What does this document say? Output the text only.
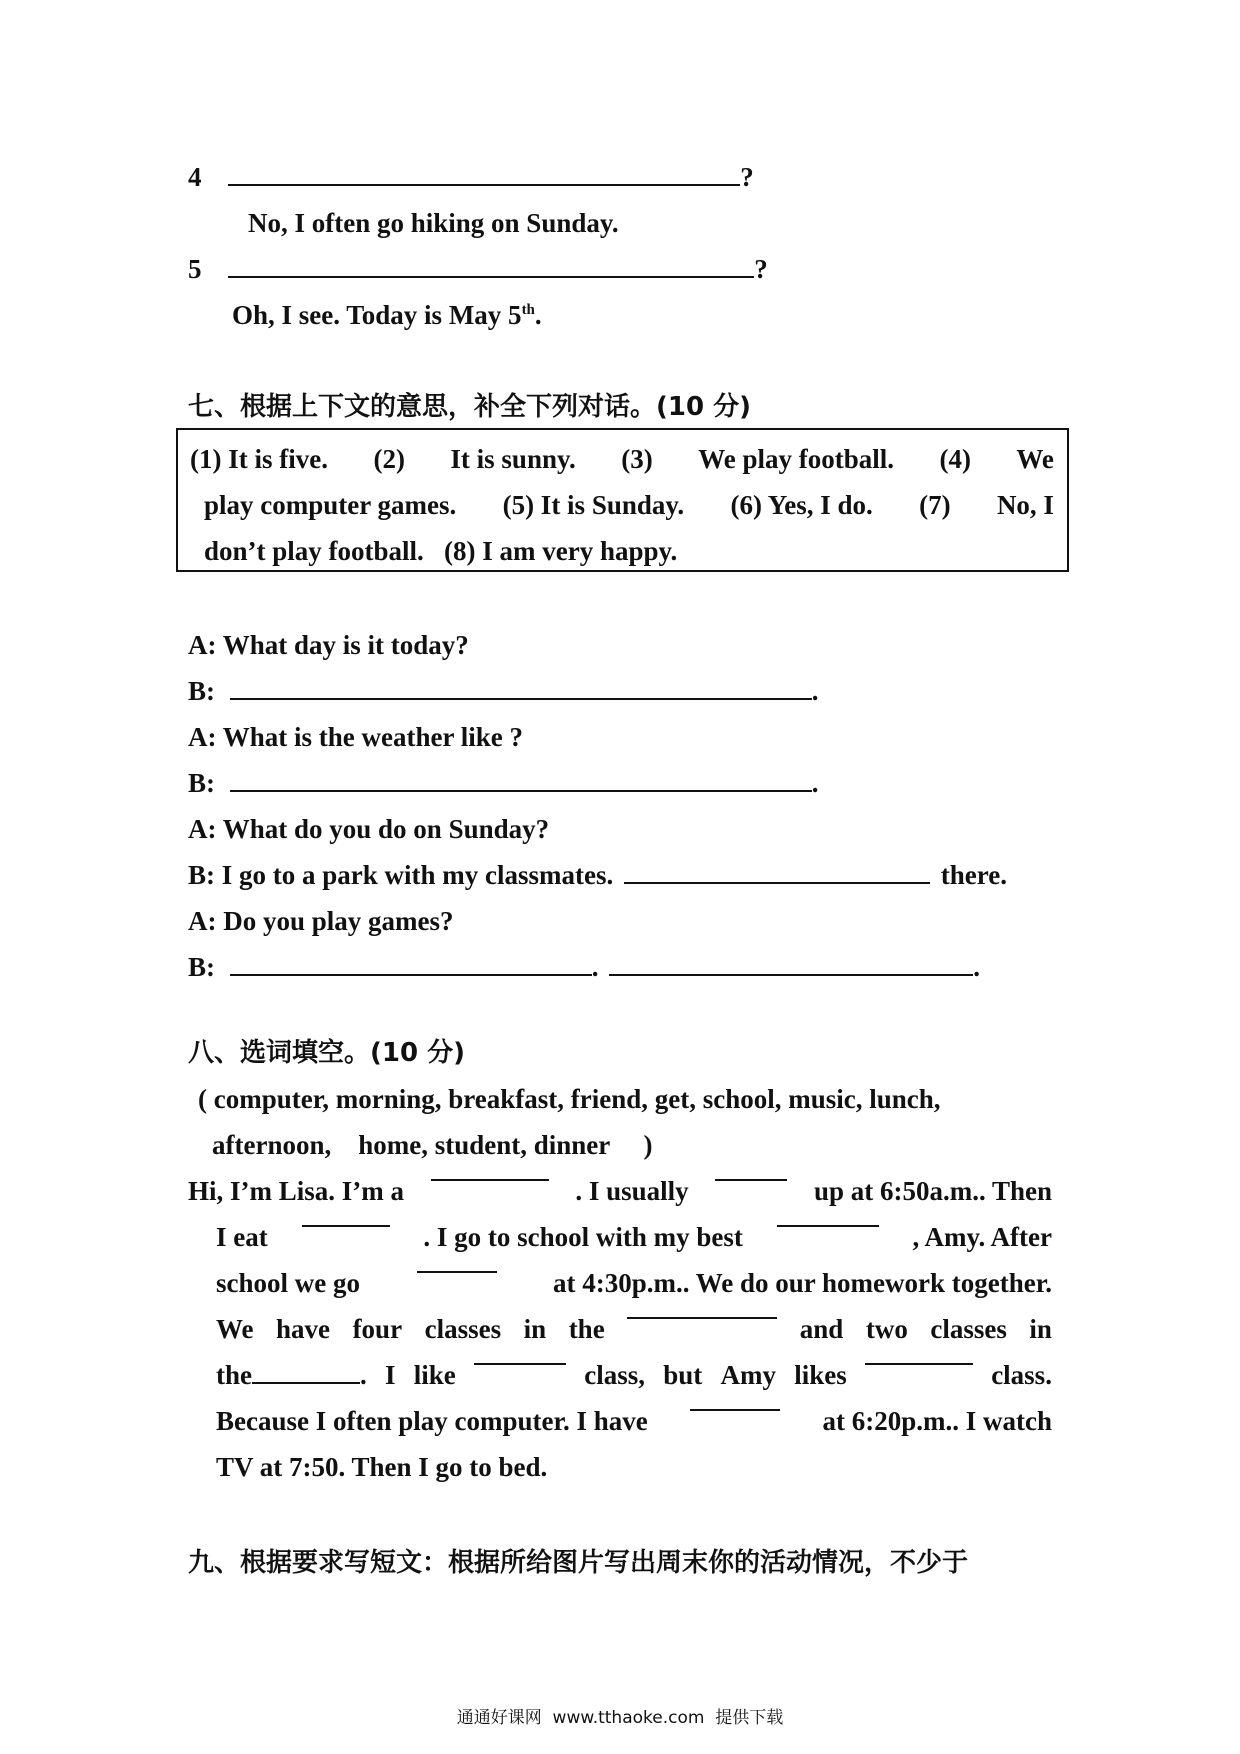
4	?
No, I often go hiking on Sunday.
5	?
Oh, I see. Today is May 5th.
七、根据上下文的意思，补全下列对话。(10 分)
(1) It is five. (2) It is sunny. (3) We play football. (4) We
play computer games. (5) It is Sunday. (6) Yes, I do. (7) No, I
don’t play football.   (8) I am very happy.
A: What day is it today?
B:	.
A: What is the weather like ?
B:	.
A: What do you do on Sunday?
B: I go to a park with my classmates.	there.
A: Do you play games?
B:	.	.
八、选词填空。(10 分)
( computer, morning, breakfast, friend, get, school, music, lunch,
afternoon,    home, student, dinner     )
Hi, I’m Lisa. I’m a	. I usually	up at 6:50a.m.. Then
I eat	. I go to school with my best	, Amy. After
school we go	at 4:30p.m.. We do our homework together.
We have four classes in the	and two classes in
the	. I like	class, but Amy likes	class.
Because I often play computer. I have	at 6:20p.m.. I watch
TV at 7:50. Then I go to bed.
九、根据要求写短文：根据所给图片写出周末你的活动情况，不少于
通通好课网  www.tthaoke.com  提供下载
